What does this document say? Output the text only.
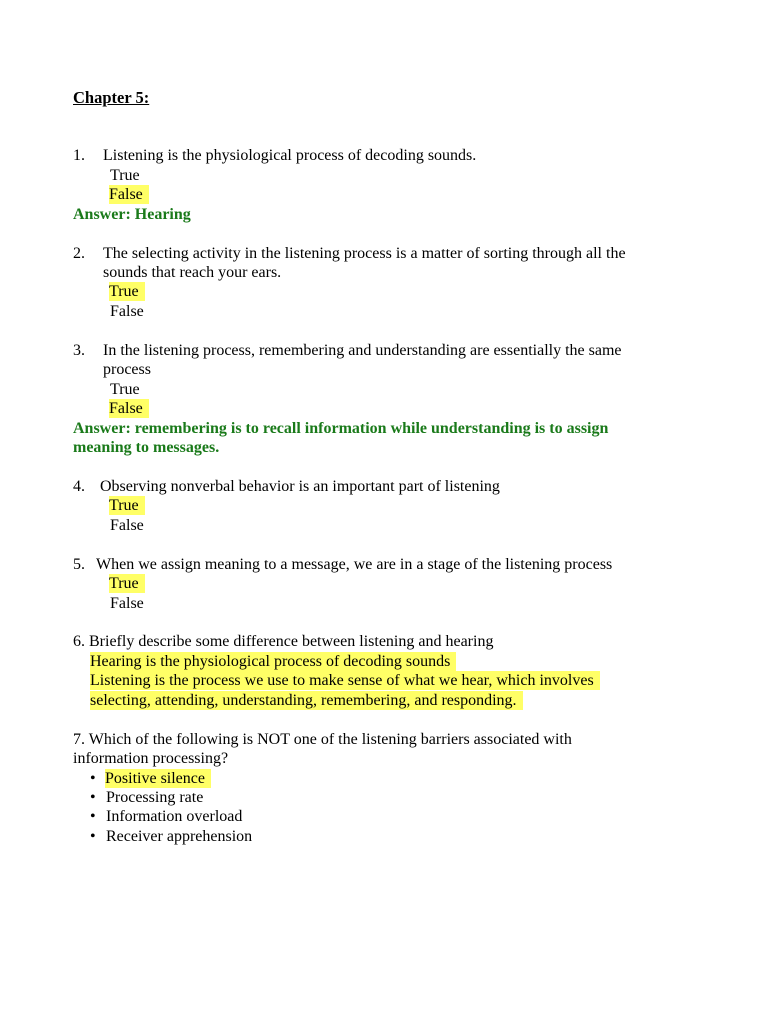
Chapter 5:
1. Listening is the physiological process of decoding sounds.
True
False
Answer: Hearing
2. The selecting activity in the listening process is a matter of sorting through all the
sounds that reach your ears.
True
False
3. In the listening process, remembering and understanding are essentially the same
process
True
False
Answer: remembering is to recall information while understanding is to assign
meaning to messages.
4. Observing nonverbal behavior is an important part of listening
True
False
5. When we assign meaning to a message, we are in a stage of the listening process
True
False
6. Briefly describe some difference between listening and hearing
Hearing is the physiological process of decoding sounds
Listening is the process we use to make sense of what we hear, which involves
selecting, attending, understanding, remembering, and responding.
7. Which of the following is NOT one of the listening barriers associated with
information processing?
• Positive silence
• Processing rate
• Information overload
• Receiver apprehension
